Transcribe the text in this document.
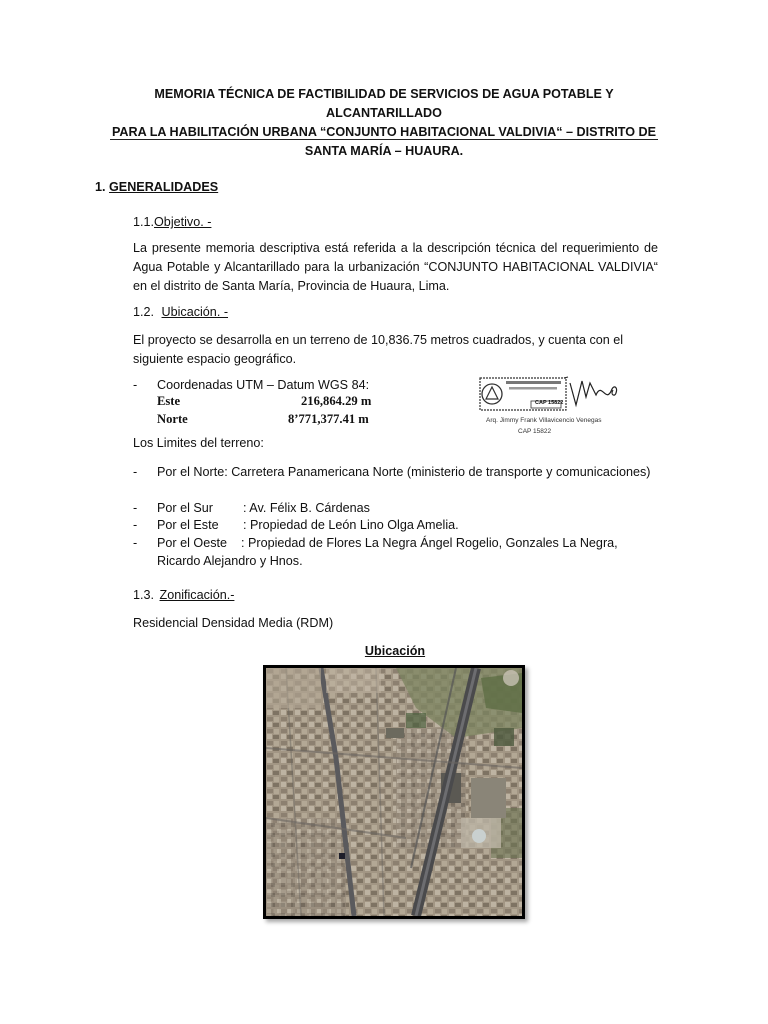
MEMORIA TÉCNICA DE FACTIBILIDAD DE SERVICIOS DE AGUA POTABLE Y ALCANTARILLADO
PARA LA HABILITACIÓN URBANA “CONJUNTO HABITACIONAL VALDIVIA“ – DISTRITO DE
SANTA MARÍA – HUAURA.
1. GENERALIDADES
1.1.Objetivo. -
La presente memoria descriptiva está referida a la descripción técnica del requerimiento de Agua Potable y Alcantarillado para la urbanización “CONJUNTO HABITACIONAL VALDIVIA“ en el distrito de Santa María, Provincia de Huaura, Lima.
1.2. Ubicación. -
El proyecto se desarrolla en un terreno de 10,836.75 metros cuadrados, y cuenta con el siguiente espacio geográfico.
- Coordenadas UTM – Datum WGS 84:
Este	216,864.29 m
Norte	8’771,377.41 m
CAP 15822
Arq. Jimmy Frank Villavicencio Venegas
CAP 15822
Los Limites del terreno:
- Por el Norte: Carretera Panamericana Norte (ministerio de transporte y comunicaciones)
- Por el Sur : Av. Félix B. Cárdenas
- Por el Este : Propiedad de León Lino Olga Amelia.
- Por el Oeste	: Propiedad de Flores La Negra Ángel Rogelio, Gonzales La Negra, Ricardo Alejandro y Hnos.
1.3. Zonificación.-
Residencial Densidad Media (RDM)
Ubicación
